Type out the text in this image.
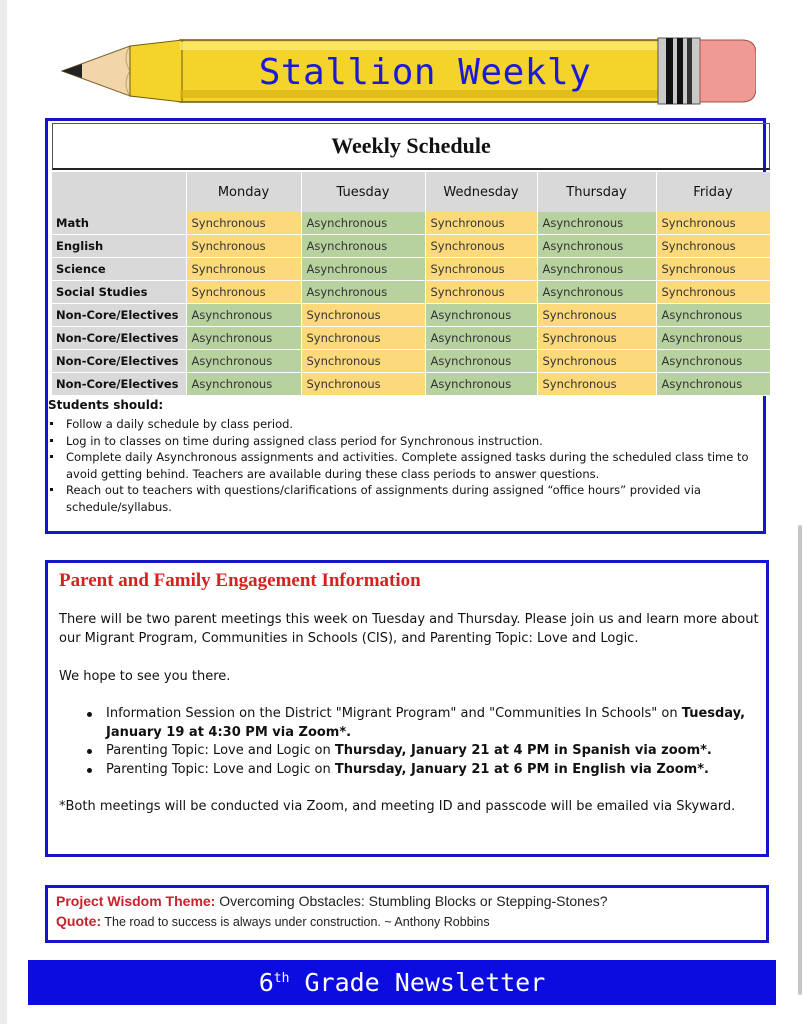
Stallion Weekly
Weekly Schedule
	Monday	Tuesday	Wednesday	Thursday	Friday
Math	Synchronous	Asynchronous	Synchronous	Asynchronous	Synchronous
English	Synchronous	Asynchronous	Synchronous	Asynchronous	Synchronous
Science	Synchronous	Asynchronous	Synchronous	Asynchronous	Synchronous
Social Studies	Synchronous	Asynchronous	Synchronous	Asynchronous	Synchronous
Non-Core/Electives	Asynchronous	Synchronous	Asynchronous	Synchronous	Asynchronous
Non-Core/Electives	Asynchronous	Synchronous	Asynchronous	Synchronous	Asynchronous
Non-Core/Electives	Asynchronous	Synchronous	Asynchronous	Synchronous	Asynchronous
Non-Core/Electives	Asynchronous	Synchronous	Asynchronous	Synchronous	Asynchronous
Students should:
Follow a daily schedule by class period.
Log in to classes on time during assigned class period for Synchronous instruction.
Complete daily Asynchronous assignments and activities. Complete assigned tasks during the scheduled class time to avoid getting behind. Teachers are available during these class periods to answer questions.
Reach out to teachers with questions/clarifications of assignments during assigned “office hours” provided via schedule/syllabus.
Parent and Family Engagement Information
There will be two parent meetings this week on Tuesday and Thursday. Please join us and learn more about our Migrant Program, Communities in Schools (CIS), and Parenting Topic: Love and Logic.
We hope to see you there.
Information Session on the District "Migrant Program" and "Communities In Schools" on Tuesday, January 19 at 4:30 PM via Zoom*.
Parenting Topic: Love and Logic on Thursday, January 21 at 4 PM in Spanish via zoom*.
Parenting Topic: Love and Logic on Thursday, January 21 at 6 PM in English via Zoom*.
*Both meetings will be conducted via Zoom, and meeting ID and passcode will be emailed via Skyward.
Project Wisdom Theme: Overcoming Obstacles: Stumbling Blocks or Stepping-Stones?
Quote: The road to success is always under construction. ~ Anthony Robbins
6th
Grade Newsletter
